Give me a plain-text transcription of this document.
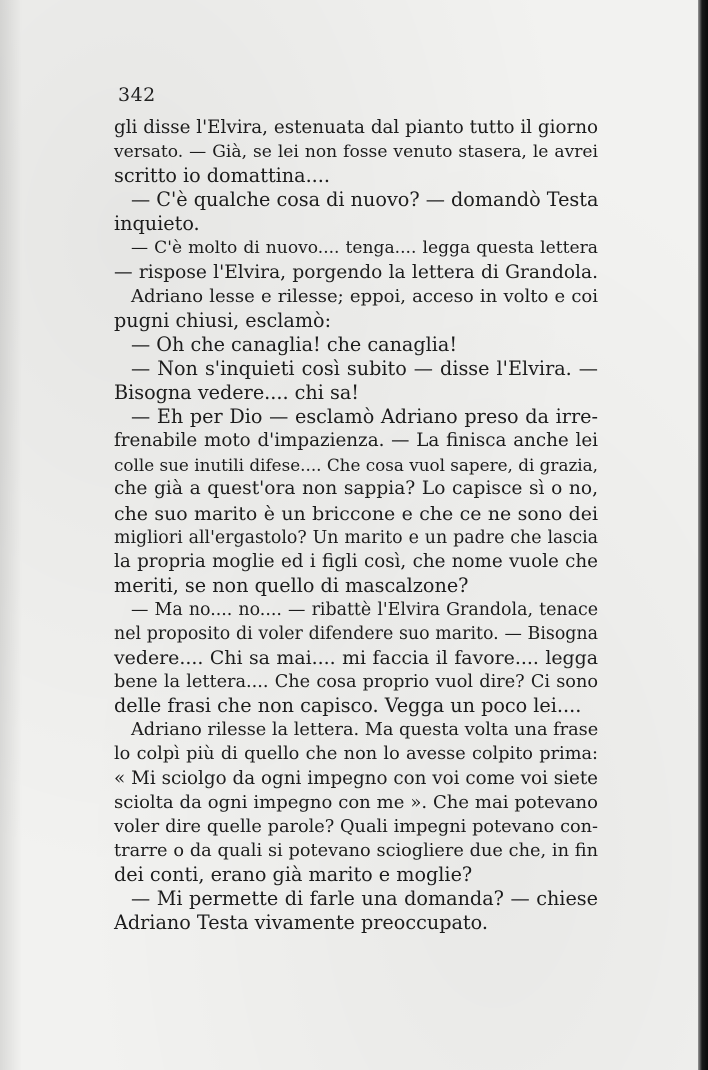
342
gli disse l'Elvira, estenuata dal pianto tutto il giorno
versato. — Già, se lei non fosse venuto stasera, le avrei
scritto io domattina....
— C'è qualche cosa di nuovo? — domandò Testa
inquieto.
— C'è molto di nuovo.... tenga.... legga questa lettera
— rispose l'Elvira, porgendo la lettera di Grandola.
Adriano lesse e rilesse; eppoi, acceso in volto e coi
pugni chiusi, esclamò:
— Oh che canaglia! che canaglia!
— Non s'inquieti così subito — disse l'Elvira. —
Bisogna vedere.... chi sa!
— Eh per Dio — esclamò Adriano preso da irre-
frenabile moto d'impazienza. — La finisca anche lei
colle sue inutili difese.... Che cosa vuol sapere, di grazia,
che già a quest'ora non sappia? Lo capisce sì o no,
che suo marito è un briccone e che ce ne sono dei
migliori all'ergastolo? Un marito e un padre che lascia
la propria moglie ed i figli così, che nome vuole che
meriti, se non quello di mascalzone?
— Ma no.... no.... — ribattè l'Elvira Grandola, tenace
nel proposito di voler difendere suo marito. — Bisogna
vedere.... Chi sa mai.... mi faccia il favore.... legga
bene la lettera.... Che cosa proprio vuol dire? Ci sono
delle frasi che non capisco. Vegga un poco lei....
Adriano rilesse la lettera. Ma questa volta una frase
lo colpì più di quello che non lo avesse colpito prima:
« Mi sciolgo da ogni impegno con voi come voi siete
sciolta da ogni impegno con me ». Che mai potevano
voler dire quelle parole? Quali impegni potevano con-
trarre o da quali si potevano sciogliere due che, in fin
dei conti, erano già marito e moglie?
— Mi permette di farle una domanda? — chiese
Adriano Testa vivamente preoccupato.
